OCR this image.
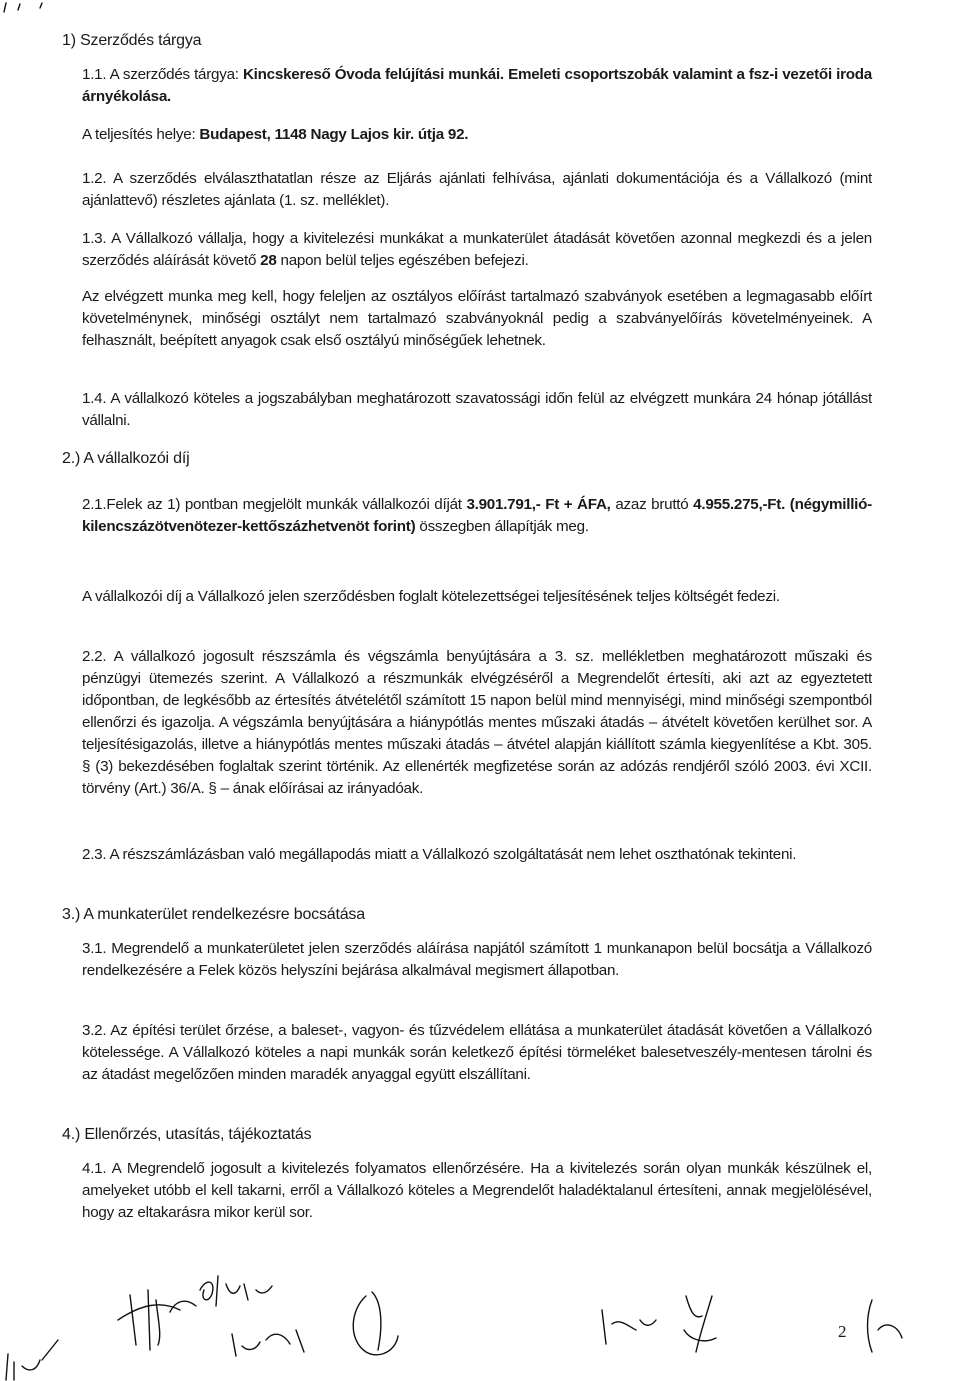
1) Szerződés tárgya

1.1. A szerződés tárgya: Kincskereső Óvoda felújítási munkái. Emeleti csoportszobák valamint a fsz-i vezetői iroda árnyékolása.

A teljesítés helye: Budapest, 1148 Nagy Lajos kir. útja 92.

1.2. A szerződés elválaszthatatlan része az Eljárás ajánlati felhívása, ajánlati dokumentációja és a Vállalkozó (mint ajánlattevő) részletes ajánlata (1. sz. melléklet).

1.3. A Vállalkozó vállalja, hogy a kivitelezési munkákat a munkaterület átadását követően azonnal megkezdi és a jelen szerződés aláírását követő 28 napon belül teljes egészében befejezi.

Az elvégzett munka meg kell, hogy feleljen az osztályos előírást tartalmazó szabványok esetében a legmagasabb előírt követelménynek, minőségi osztályt nem tartalmazó szabványoknál pedig a szabványelőírás követelményeinek. A felhasznált, beépített anyagok csak első osztályú minőségűek lehetnek.

1.4. A vállalkozó köteles a jogszabályban meghatározott szavatossági időn felül az elvégzett munkára 24 hónap jótállást vállalni.

2.) A vállalkozói díj

2.1.Felek az 1) pontban megjelölt munkák vállalkozói díját 3.901.791,- Ft + ÁFA, azaz bruttó 4.955.275,-Ft. (négymillió-kilencszázötvenötezer-kettőszázhetvenöt forint) összegben állapítják meg.

A vállalkozói díj a Vállalkozó jelen szerződésben foglalt kötelezettségei teljesítésének teljes költségét fedezi.

2.2. A vállalkozó jogosult részszámla és végszámla benyújtására a 3. sz. mellékletben meghatározott műszaki és pénzügyi ütemezés szerint. A Vállalkozó a részmunkák elvégzéséről a Megrendelőt értesíti, aki azt az egyeztetett időpontban, de legkésőbb az értesítés átvételétől számított 15 napon belül mind mennyiségi, mind minőségi szempontból ellenőrzi és igazolja. A végszámla benyújtására a hiánypótlás mentes műszaki átadás – átvételt követően kerülhet sor. A teljesítésigazolás, illetve a hiánypótlás mentes műszaki átadás – átvétel alapján kiállított számla kiegyenlítése a Kbt. 305. § (3) bekezdésében foglaltak szerint történik. Az ellenérték megfizetése során az adózás rendjéről szóló 2003. évi XCII. törvény (Art.) 36/A. § – ának előírásai az irányadóak.

2.3. A részszámlázásban való megállapodás miatt a Vállalkozó szolgáltatását nem lehet oszthatónak tekinteni.

3.) A munkaterület rendelkezésre bocsátása

3.1. Megrendelő a munkaterületet jelen szerződés aláírása napjától számított 1 munkanapon belül bocsátja a Vállalkozó rendelkezésére a Felek közös helyszíni bejárása alkalmával megismert állapotban.

3.2. Az építési terület őrzése, a baleset-, vagyon- és tűzvédelem ellátása a munkaterület átadását követően a Vállalkozó kötelessége. A Vállalkozó köteles a napi munkák során keletkező építési törmeléket balesetveszély-mentesen tárolni és az átadást megelőzően minden maradék anyaggal együtt elszállítani.

4.) Ellenőrzés, utasítás, tájékoztatás

4.1. A Megrendelő jogosult a kivitelezés folyamatos ellenőrzésére. Ha a kivitelezés során olyan munkák készülnek el, amelyeket utóbb el kell takarni, erről a Vállalkozó köteles a Megrendelőt haladéktalanul értesíteni, annak megjelölésével, hogy az eltakarásra mikor kerül sor.

2
